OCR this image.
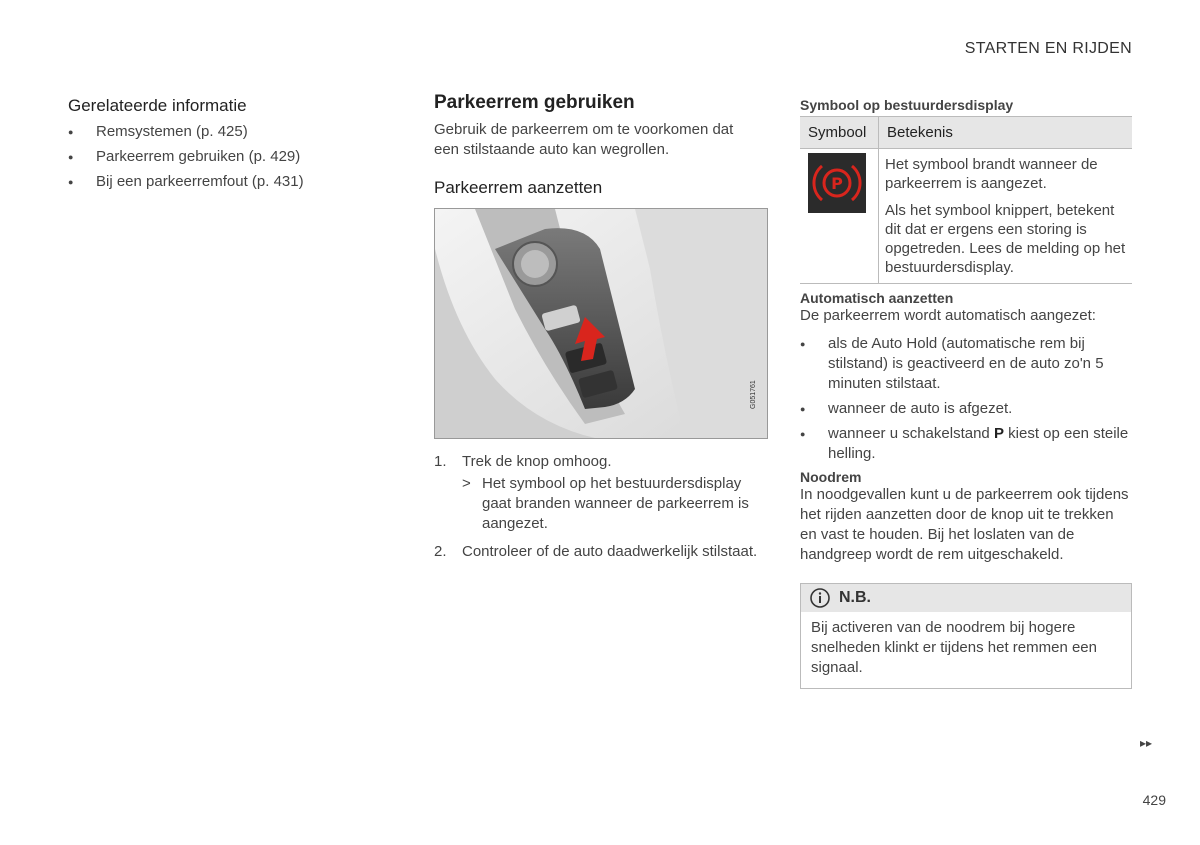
STARTEN EN RIJDEN
Gerelateerde informatie
● Remsystemen (p. 425)
● Parkeerrem gebruiken (p. 429)
● Bij een parkeerremfout (p. 431)
Parkeerrem gebruiken
Gebruik de parkeerrem om te voorkomen dat een stilstaande auto kan wegrollen.
Parkeerrem aanzetten
G051761
1.	Trek de knop omhoog.
> Het symbool op het bestuurdersdisplay gaat branden wanneer de parkeerrem is aangezet.
2.	Controleer of de auto daadwerkelijk stilstaat.
Symbool op bestuurdersdisplay
Symbool	Betekenis

P	Het symbool brandt wanneer de parkeerrem is aangezet.
Als het symbool knippert, betekent dit dat er ergens een storing is opgetreden. Lees de melding op het bestuurdersdisplay.
Automatisch aanzetten
De parkeerrem wordt automatisch aangezet:
● als de Auto Hold (automatische rem bij stilstand) is geactiveerd en de auto zo'n 5 minuten stilstaat.
● wanneer de auto is afgezet.
● wanneer u schakelstand P kiest op een steile helling.
Noodrem
In noodgevallen kunt u de parkeerrem ook tijdens het rijden aanzetten door de knop uit te trekken en vast te houden. Bij het loslaten van de handgreep wordt de rem uitgeschakeld.
N.B.
Bij activeren van de noodrem bij hogere snelheden klinkt er tijdens het remmen een signaal.
▸▸
429
